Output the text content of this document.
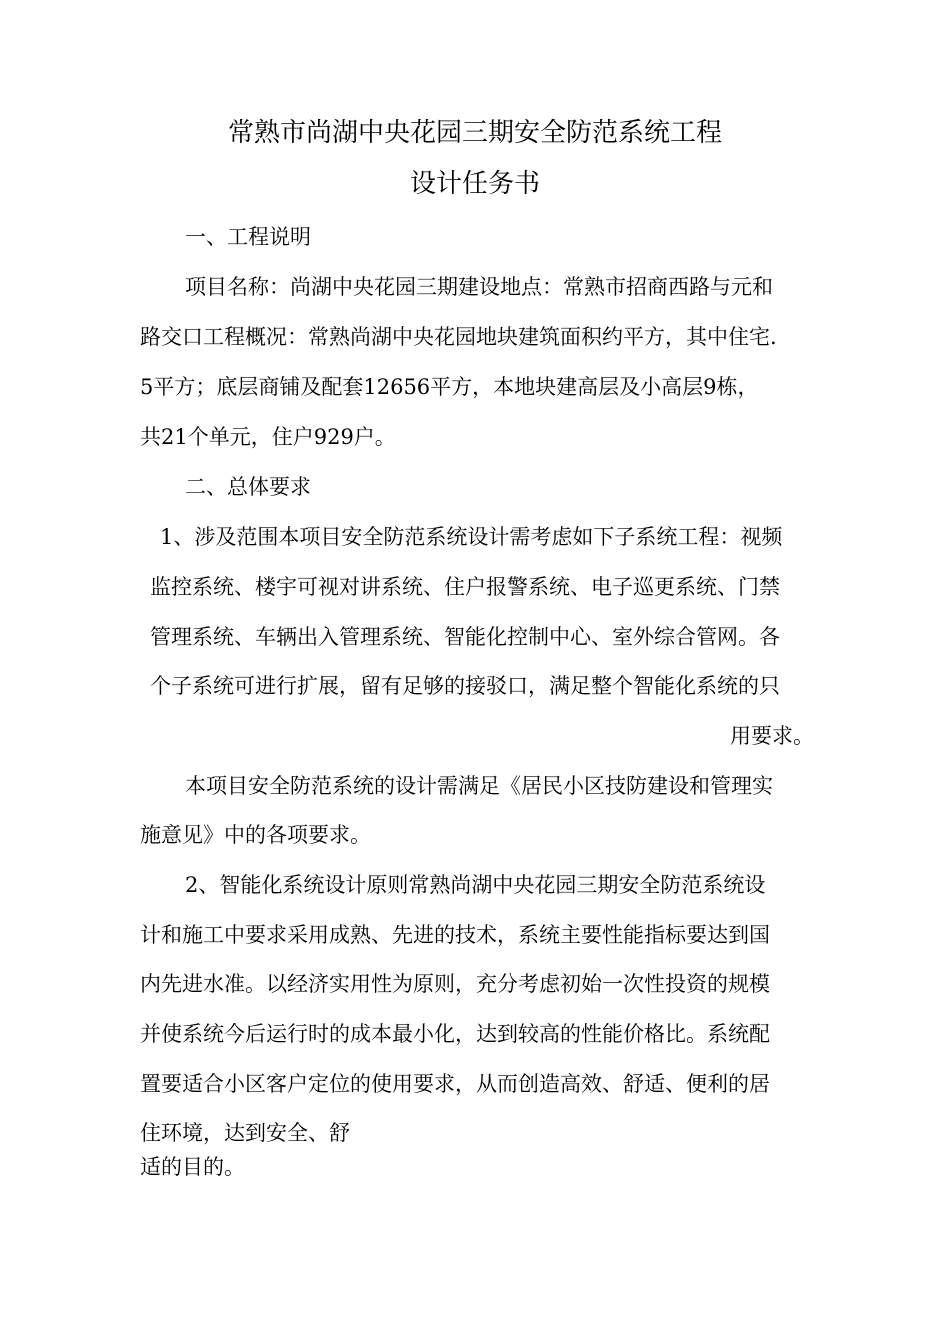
常熟市尚湖中央花园三期安全防范系统工程
设计任务书

一、工程说明

项目名称：尚湖中央花园三期建设地点：常熟市招商西路与元和

路交口工程概况：常熟尚湖中央花园地块建筑面积约平方，其中住宅.

5平方；底层商铺及配套12656平方，本地块建高层及小高层9栋，

共21个单元，住户929户。

二、总体要求

1、涉及范围本项目安全防范系统设计需考虑如下子系统工程：视频

监控系统、楼宇可视对讲系统、住户报警系统、电子巡更系统、门禁

管理系统、车辆出入管理系统、智能化控制中心、室外综合管网。各

个子系统可进行扩展，留有足够的接驳口，满足整个智能化系统的只

用要求。

本项目安全防范系统的设计需满足《居民小区技防建设和管理实

施意见》中的各项要求。

2、智能化系统设计原则常熟尚湖中央花园三期安全防范系统设

计和施工中要求采用成熟、先进的技术，系统主要性能指标要达到国

内先进水准。以经济实用性为原则，充分考虑初始一次性投资的规模

并使系统今后运行时的成本最小化，达到较高的性能价格比。系统配

置要适合小区客户定位的使用要求，从而创造高效、舒适、便利的居

住环境，达到安全、舒

适的目的。
